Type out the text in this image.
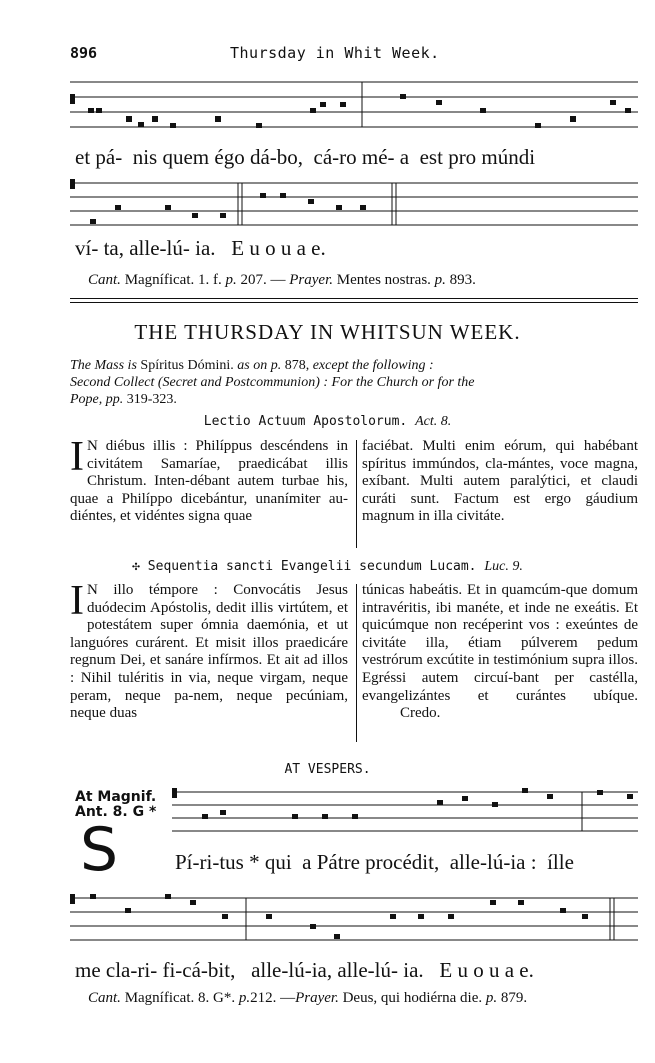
896	Thursday in Whit Week.
et pá-  nis quem égo dá-bo,  cá-ro mé- a  est pro múndi
ví- ta, alle-lú- ia.   E u o u a e.
Cant. Magníficat. 1. f. p. 207. — Prayer. Mentes nostras. p. 893.
THE THURSDAY IN WHITSUN WEEK.

The Mass is Spíritus Dómini. as on p. 878, except the following :

Second Collect (Secret and Postcommunion) : For the Church or for the

Pope, pp. 319-323.

Lectio Actuum Apostolorum. Act. 8.

I N diébus illis : Philíppus descéndens in civitátem Samaríae, praedicábat illis Christum. Inten-débant autem turbae his, quae a Philíppo dicebántur, unanímiter au-diéntes, et vidéntes signa quae

faciébat. Multi enim eórum, qui habébant spíritus immúndos, cla-mántes, voce magna, exíbant. Multi autem paralýtici, et claudi curáti sunt. Factum est ergo gáudium magnum in illa civitáte.

✣ Sequentia sancti Evangelii secundum Lucam. Luc. 9.

I N illo témpore : Convocátis Jesus duódecim Apóstolis, dedit illis virtútem, et potestátem super ómnia daemónia, et ut languóres curárent. Et misit illos praedicáre regnum Dei, et sanáre infírmos. Et ait ad illos : Nihil tuléritis in via, neque virgam, neque peram, neque pa-nem, neque pecúniam, neque duas

túnicas habeátis. Et in quamcúm-que domum intravéritis, ibi manéte, et inde ne exeátis. Et quicúmque non recéperint vos : exeúntes de civitáte illa, étiam púlverem pedum vestrórum excútite in testimónium supra illos. Egréssi autem circuí-bant per castélla, evangelizántes et curántes ubíque. Credo.

AT VESPERS.
At Magnif.
Ant. 8. G *
S	Pí-ri-tus * qui  a Pátre procédit,  alle-lú-ia :  ílle
me cla-ri- fi-cá-bit,   alle-lú-ia, alle-lú- ia.   E u o u a e.
Cant. Magníficat. 8. G*. p.212. —Prayer. Deus, qui hodiérna die. p. 879.
